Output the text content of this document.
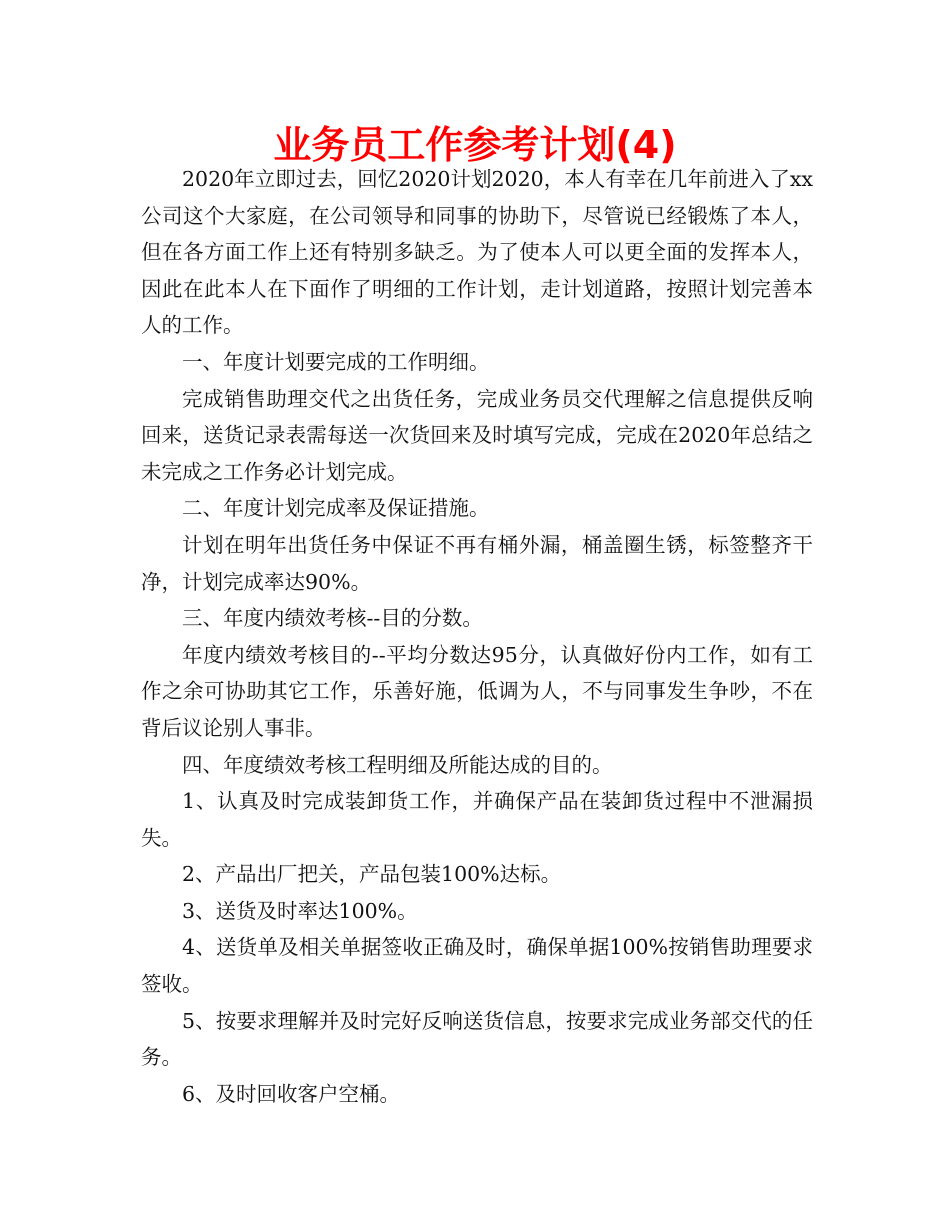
业务员工作参考计划(4)

2020年立即过去，回忆2020计划2020，本人有幸在几年前进入了xx公司这个大家庭，在公司领导和同事的协助下，尽管说已经锻炼了本人，但在各方面工作上还有特别多缺乏。为了使本人可以更全面的发挥本人，因此在此本人在下面作了明细的工作计划，走计划道路，按照计划完善本人的工作。

一、年度计划要完成的工作明细。

完成销售助理交代之出货任务，完成业务员交代理解之信息提供反响回来，送货记录表需每送一次货回来及时填写完成，完成在2020年总结之未完成之工作务必计划完成。

二、年度计划完成率及保证措施。

计划在明年出货任务中保证不再有桶外漏，桶盖圈生锈，标签整齐干净，计划完成率达90%。

三、年度内绩效考核--目的分数。

年度内绩效考核目的--平均分数达95分，认真做好份内工作，如有工作之余可协助其它工作，乐善好施，低调为人，不与同事发生争吵，不在背后议论别人事非。

四、年度绩效考核工程明细及所能达成的目的。

1、认真及时完成装卸货工作，并确保产品在装卸货过程中不泄漏损失。

2、产品出厂把关，产品包装100%达标。

3、送货及时率达100%。

4、送货单及相关单据签收正确及时，确保单据100%按销售助理要求签收。

5、按要求理解并及时完好反响送货信息，按要求完成业务部交代的任务。

6、及时回收客户空桶。
